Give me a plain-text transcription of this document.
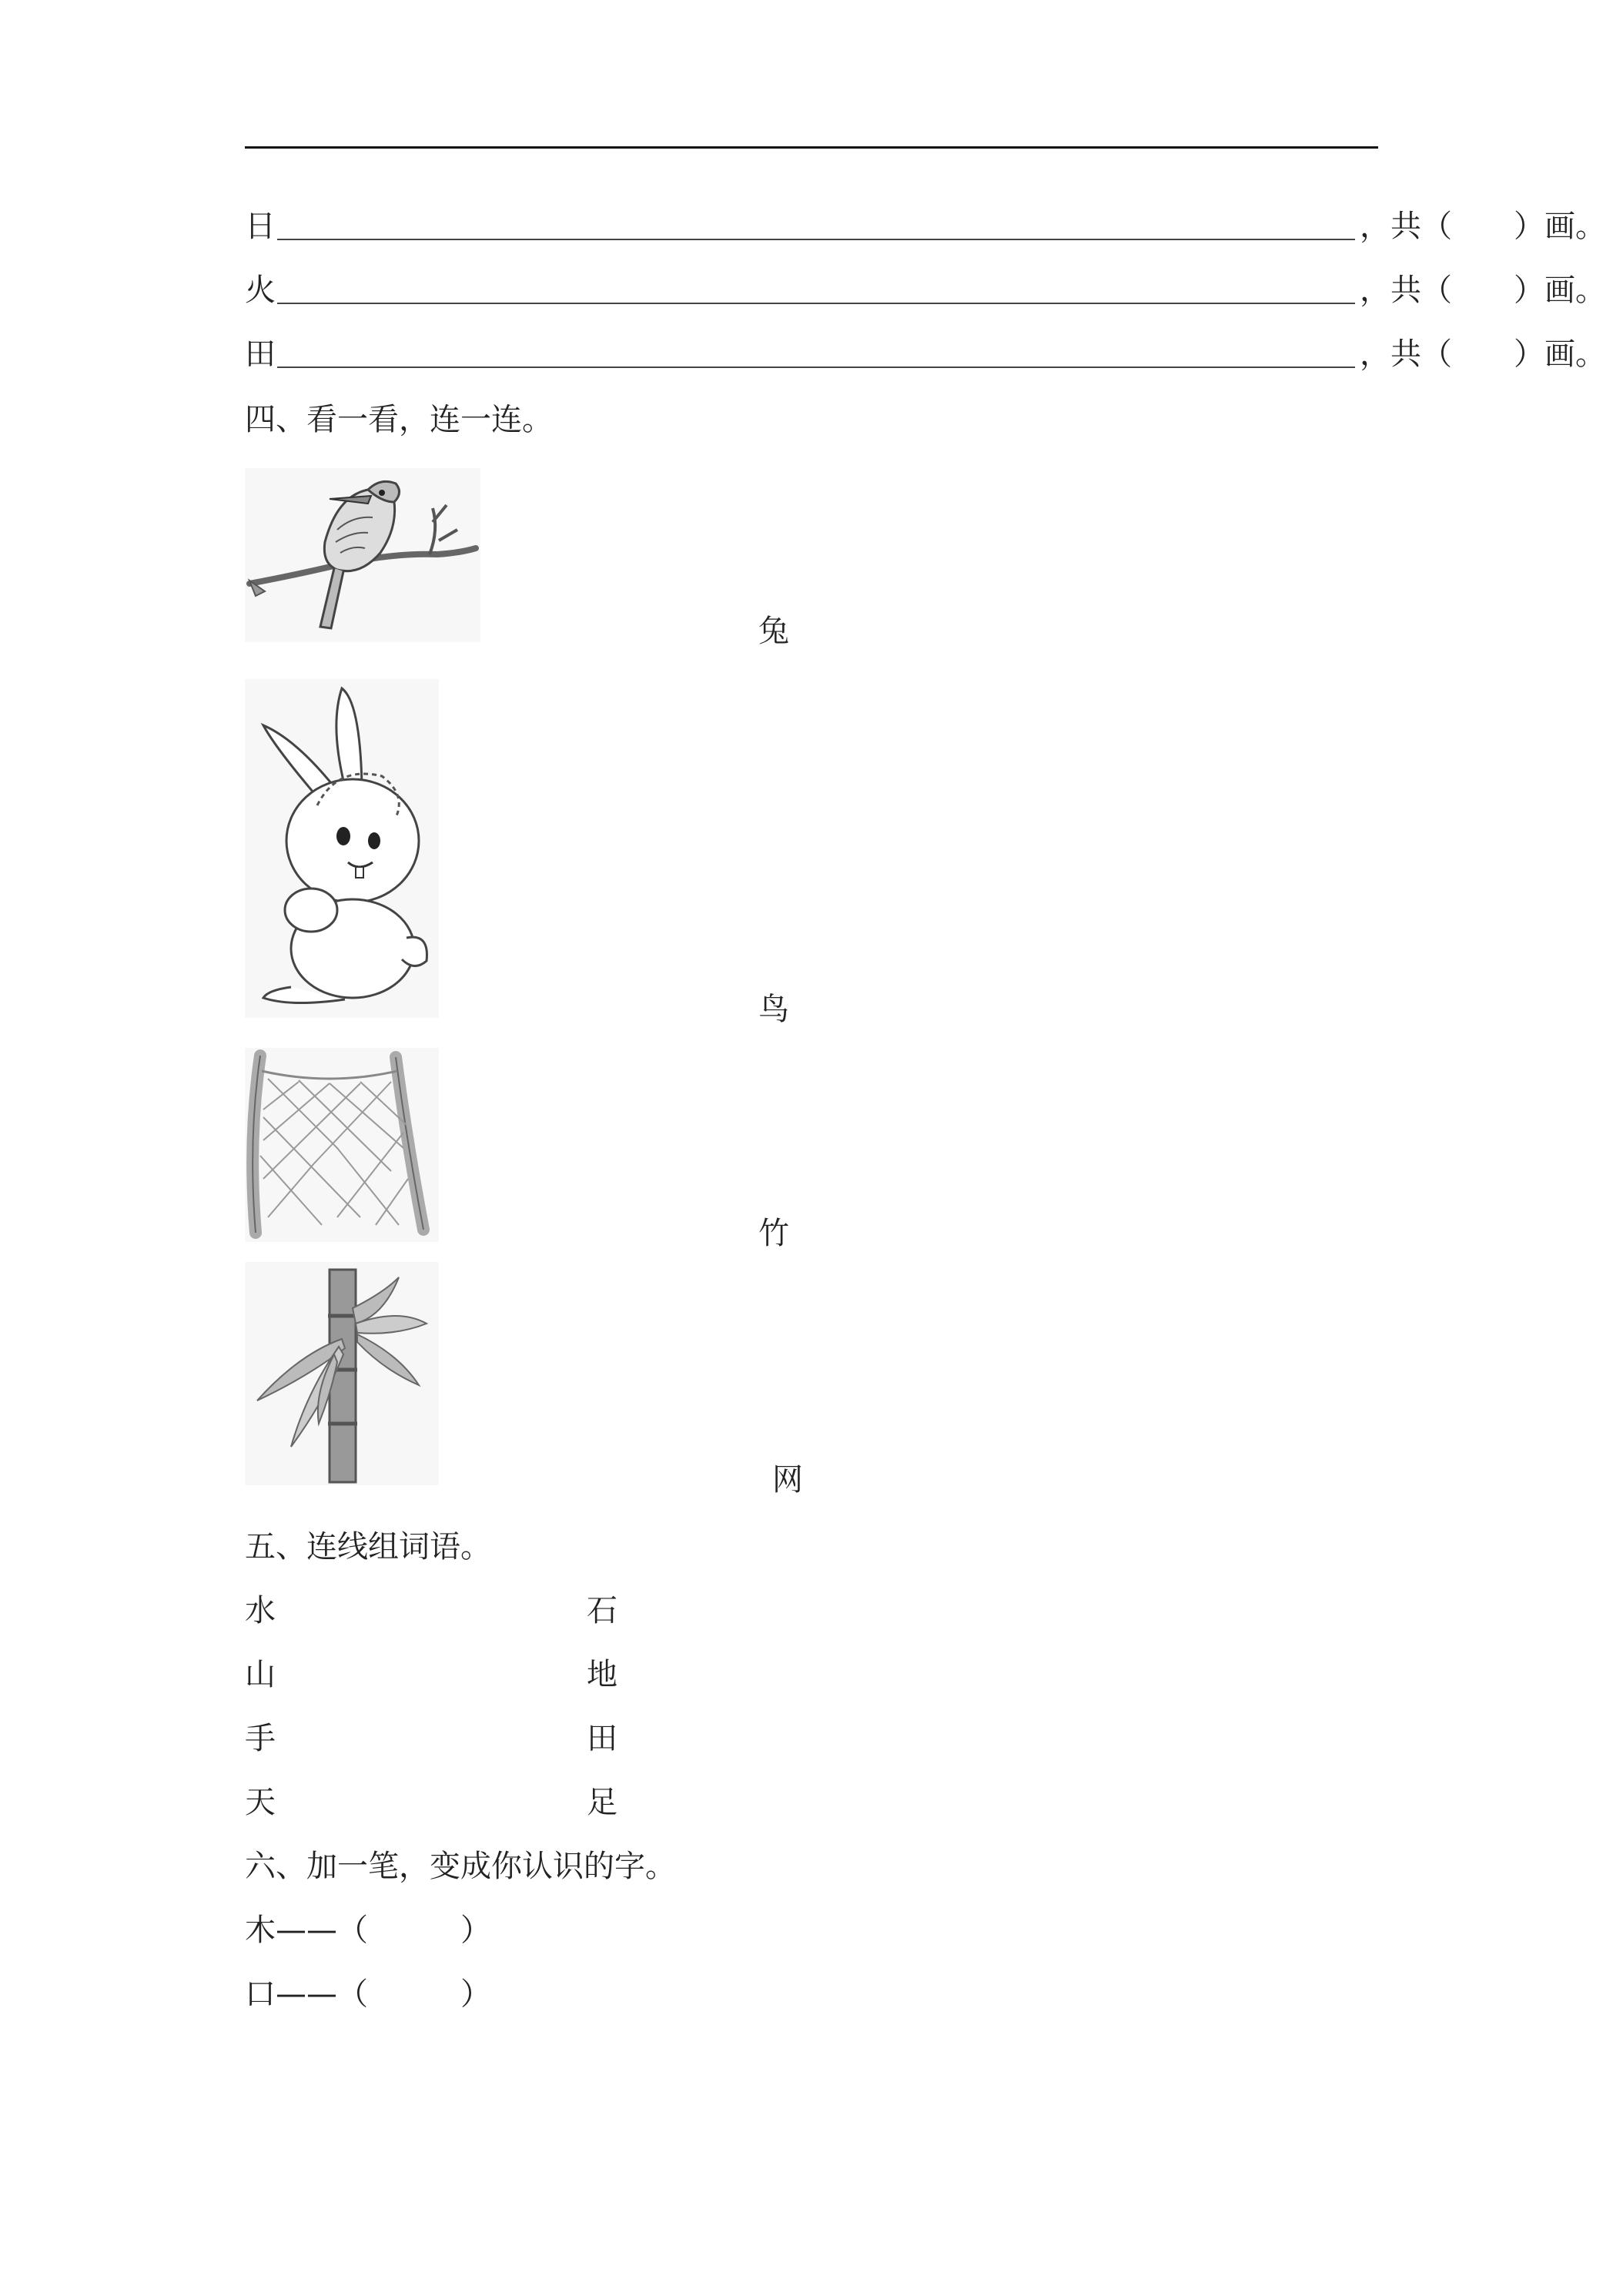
日	，共（　　）画。
火	，共（　　）画。
田	，共（　　）画。
四、看一看，连一连。
兔
鸟
竹
网
五、连线组词语。
水
山
手
天
石
地
田
足
六、加一笔，变成你认识的字。
木——（　　　）
口——（　　　）
